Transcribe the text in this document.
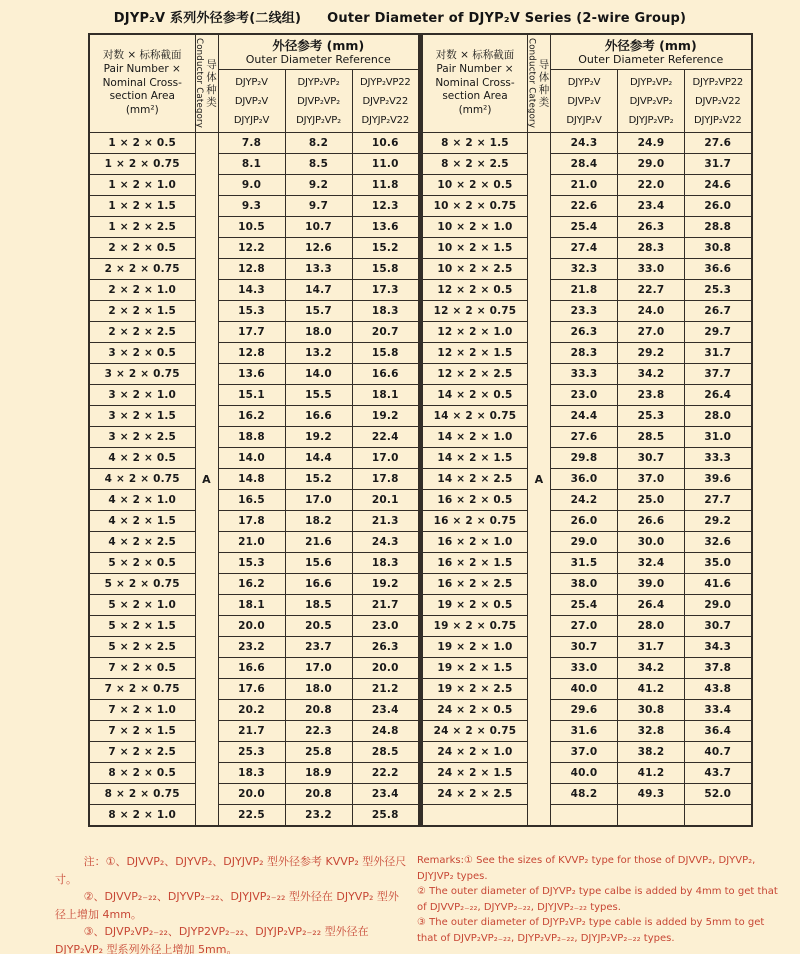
DJYP₂V 系列外径参考(二线组) Outer Diameter of DJYP₂V Series (2-wire Group)
对数 × 标称截面
Pair Number ×
Nominal Cross-
section Area
(mm²)	Conductor Category 导体种类

外径参考 (mm)
Outer Diameter Reference

DJYP₂V
DJVP₂V
DJYJP₂V

DJYP₂VP₂
DJVP₂VP₂
DJYJP₂VP₂

DJYP₂VP22
DJVP₂V22
DJYJP₂V22

1 × 2 × 0.5	A	7.8	8.2	10.6
1 × 2 × 0.75		8.1	8.5	11.0
1 × 2 × 1.0		9.0	9.2	11.8
1 × 2 × 1.5		9.3	9.7	12.3
1 × 2 × 2.5		10.5	10.7	13.6
2 × 2 × 0.5		12.2	12.6	15.2
2 × 2 × 0.75		12.8	13.3	15.8
2 × 2 × 1.0		14.3	14.7	17.3
2 × 2 × 1.5		15.3	15.7	18.3
2 × 2 × 2.5		17.7	18.0	20.7
3 × 2 × 0.5		12.8	13.2	15.8
3 × 2 × 0.75		13.6	14.0	16.6
3 × 2 × 1.0		15.1	15.5	18.1
3 × 2 × 1.5		16.2	16.6	19.2
3 × 2 × 2.5		18.8	19.2	22.4
4 × 2 × 0.5		14.0	14.4	17.0
4 × 2 × 0.75		14.8	15.2	17.8
4 × 2 × 1.0		16.5	17.0	20.1
4 × 2 × 1.5		17.8	18.2	21.3
4 × 2 × 2.5		21.0	21.6	24.3
5 × 2 × 0.5		15.3	15.6	18.3
5 × 2 × 0.75		16.2	16.6	19.2
5 × 2 × 1.0		18.1	18.5	21.7
5 × 2 × 1.5		20.0	20.5	23.0
5 × 2 × 2.5		23.2	23.7	26.3
7 × 2 × 0.5		16.6	17.0	20.0
7 × 2 × 0.75		17.6	18.0	21.2
7 × 2 × 1.0		20.2	20.8	23.4
7 × 2 × 1.5		21.7	22.3	24.8
7 × 2 × 2.5		25.3	25.8	28.5
8 × 2 × 0.5		18.3	18.9	22.2
8 × 2 × 0.75		20.0	20.8	23.4
8 × 2 × 1.0		22.5	23.2	25.8
对数 × 标称截面
Pair Number ×
Nominal Cross-
section Area
(mm²)	Conductor Category 导体种类

外径参考 (mm)
Outer Diameter Reference

DJYP₂V
DJVP₂V
DJYJP₂V

DJYP₂VP₂
DJVP₂VP₂
DJYJP₂VP₂

DJYP₂VP22
DJVP₂V22
DJYJP₂V22

8 × 2 × 1.5	A	24.3	24.9	27.6
8 × 2 × 2.5		28.4	29.0	31.7
10 × 2 × 0.5		21.0	22.0	24.6
10 × 2 × 0.75		22.6	23.4	26.0
10 × 2 × 1.0		25.4	26.3	28.8
10 × 2 × 1.5		27.4	28.3	30.8
10 × 2 × 2.5		32.3	33.0	36.6
12 × 2 × 0.5		21.8	22.7	25.3
12 × 2 × 0.75		23.3	24.0	26.7
12 × 2 × 1.0		26.3	27.0	29.7
12 × 2 × 1.5		28.3	29.2	31.7
12 × 2 × 2.5		33.3	34.2	37.7
14 × 2 × 0.5		23.0	23.8	26.4
14 × 2 × 0.75		24.4	25.3	28.0
14 × 2 × 1.0		27.6	28.5	31.0
14 × 2 × 1.5		29.8	30.7	33.3
14 × 2 × 2.5		36.0	37.0	39.6
16 × 2 × 0.5		24.2	25.0	27.7
16 × 2 × 0.75		26.0	26.6	29.2
16 × 2 × 1.0		29.0	30.0	32.6
16 × 2 × 1.5		31.5	32.4	35.0
16 × 2 × 2.5		38.0	39.0	41.6
19 × 2 × 0.5		25.4	26.4	29.0
19 × 2 × 0.75		27.0	28.0	30.7
19 × 2 × 1.0		30.7	31.7	34.3
19 × 2 × 1.5		33.0	34.2	37.8
19 × 2 × 2.5		40.0	41.2	43.8
24 × 2 × 0.5		29.6	30.8	33.4
24 × 2 × 0.75		31.6	32.8	36.4
24 × 2 × 1.0		37.0	38.2	40.7
24 × 2 × 1.5		40.0	41.2	43.7
24 × 2 × 2.5		48.2	49.3	52.0

注：①、DJVVP₂、DJYVP₂、DJYJVP₂ 型外径参考 KVVP₂ 型外径尺寸。

②、DJVVP₂₋₂₂、DJYVP₂₋₂₂、DJYJVP₂₋₂₂ 型外径在 DJYVP₂ 型外径上增加 4mm。

③、DJVP₂VP₂₋₂₂、DJYP2VP₂₋₂₂、DJYJP₂VP₂₋₂₂ 型外径在 DJYP₂VP₂ 型系列外径上增加 5mm。

Remarks:① See the sizes of KVVP₂ type for those of DJVVP₂, DJYVP₂, DJYJVP₂ types.

② The outer diameter of DJYVP₂ type calbe is added by 4mm to get that of DJVVP₂₋₂₂, DJYVP₂₋₂₂, DJYJVP₂₋₂₂ types.

③ The outer diameter of DJYP₂VP₂ type cable is added by 5mm to get that of DJVP₂VP₂₋₂₂, DJYP₂VP₂₋₂₂, DJYJP₂VP₂₋₂₂ types.
